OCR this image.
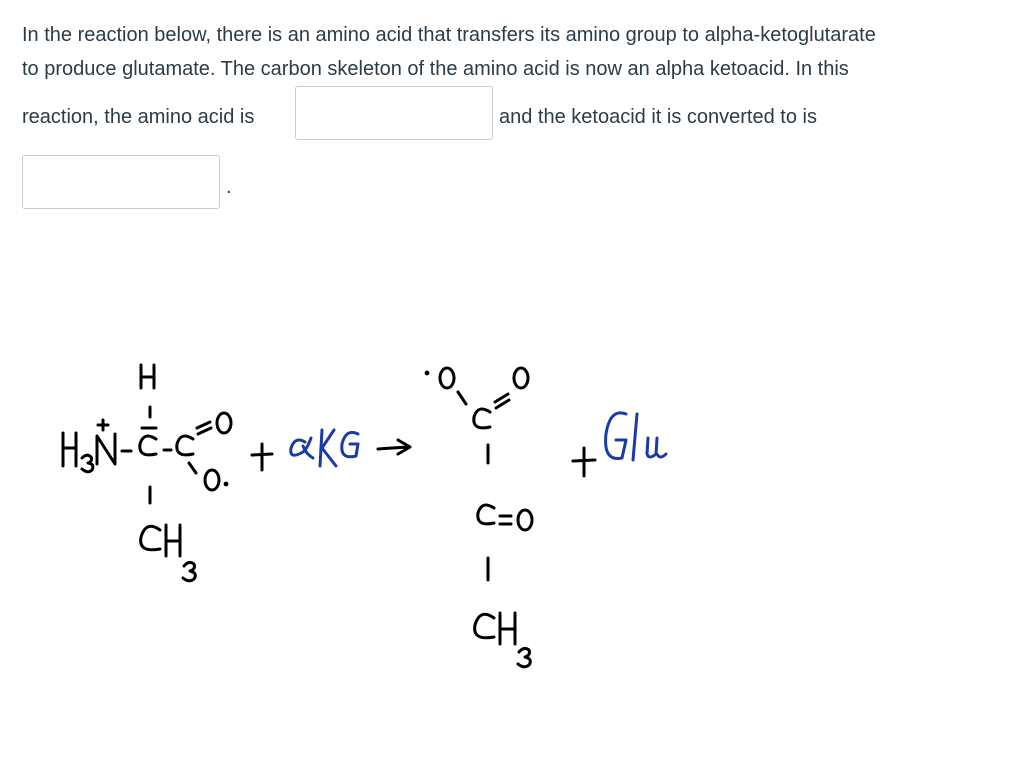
In the reaction below, there is an amino acid that transfers its amino group to alpha-ketoglutarate
to produce glutamate. The carbon skeleton of the amino acid is now an alpha ketoacid. In this
reaction, the amino acid is	and the ketoacid it is converted to is
.
